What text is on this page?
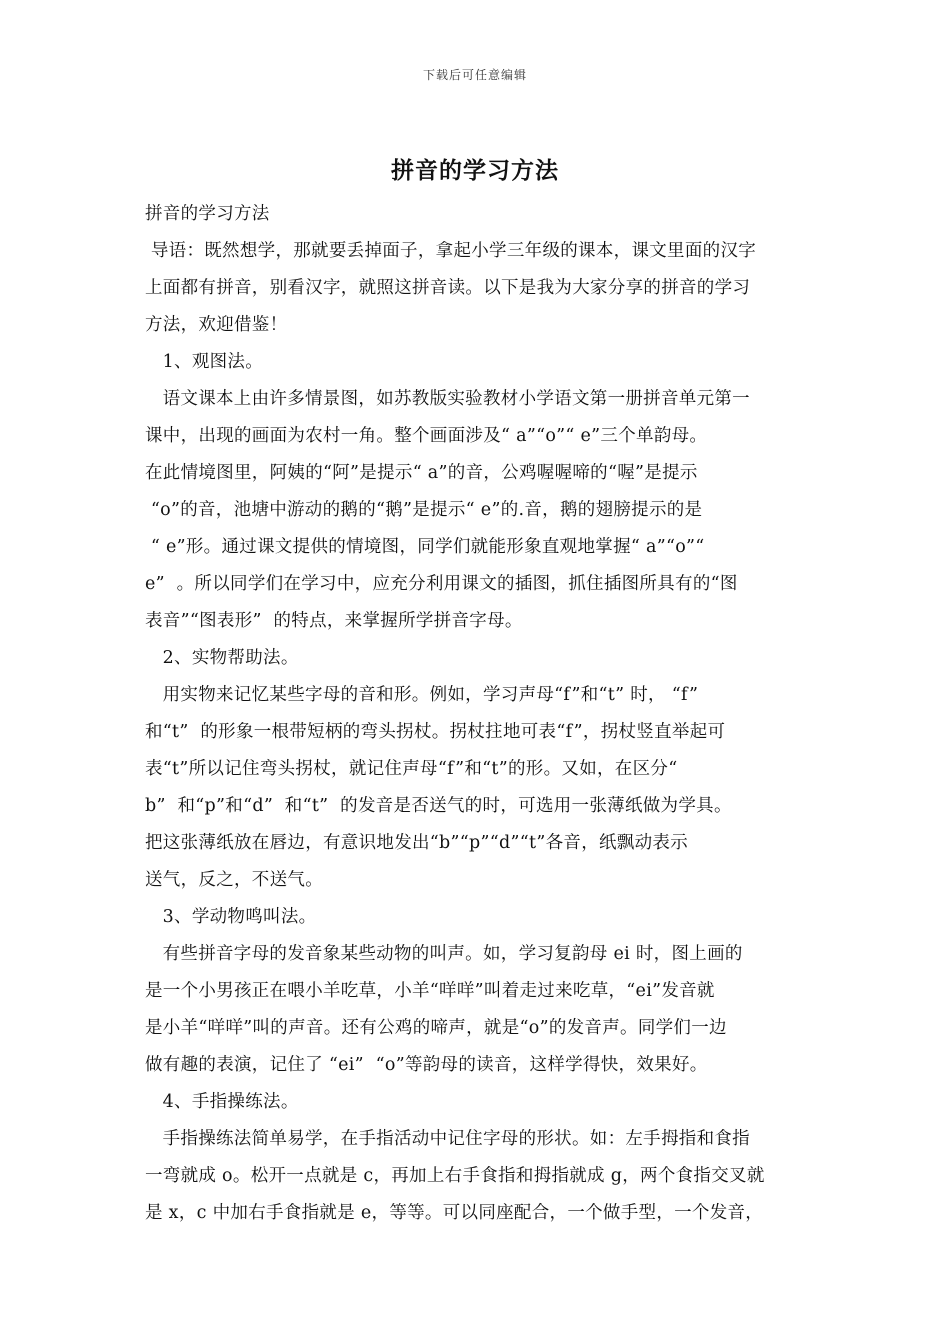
下载后可任意编辑
拼音的学习方法
拼音的学习方法
导语：既然想学，那就要丢掉面子，拿起小学三年级的课本，课文里面的汉字
上面都有拼音，别看汉字，就照这拼音读。以下是我为大家分享的拼音的学习
方法，欢迎借鉴！
1、观图法。
语文课本上由许多情景图，如苏教版实验教材小学语文第一册拼音单元第一
课中，出现的画面为农村一角。整个画面涉及“ a”“o”“ e”三个单韵母。
在此情境图里，阿姨的“阿”是提示“ a”的音，公鸡喔喔啼的“喔”是提示
“o”的音，池塘中游动的鹅的“鹅”是提示“ e”的.音，鹅的翅膀提示的是
“ e”形。通过课文提供的情境图，同学们就能形象直观地掌握“ a”“o”“
e”  。所以同学们在学习中，应充分利用课文的插图，抓住插图所具有的“图
表音”“图表形”  的特点，来掌握所学拼音字母。
2、实物帮助法。
用实物来记忆某些字母的音和形。例如，学习声母“f”和“t” 时， “f”
和“t”  的形象一根带短柄的弯头拐杖。拐杖拄地可表“f”，拐杖竖直举起可
表“t”所以记住弯头拐杖，就记住声母“f”和“t”的形。又如，在区分“
b”  和“p”和“d”  和“t”  的发音是否送气的时，可选用一张薄纸做为学具。
把这张薄纸放在唇边，有意识地发出“b”“p”“d”“t”各音，纸飘动表示
送气，反之，不送气。
3、学动物鸣叫法。
有些拼音字母的发音象某些动物的叫声。如，学习复韵母 ei 时，图上画的
是一个小男孩正在喂小羊吃草，小羊“咩咩”叫着走过来吃草，“ei”发音就
是小羊“咩咩”叫的声音。还有公鸡的啼声，就是“o”的发音声。同学们一边
做有趣的表演，记住了 “ei”  “o”等韵母的读音，这样学得快，效果好。
4、手指操练法。
手指操练法简单易学，在手指活动中记住字母的形状。如：左手拇指和食指
一弯就成 o。松开一点就是 c，再加上右手食指和拇指就成 g，两个食指交叉就
是 x，c 中加右手食指就是 e，等等。可以同座配合，一个做手型，一个发音，
